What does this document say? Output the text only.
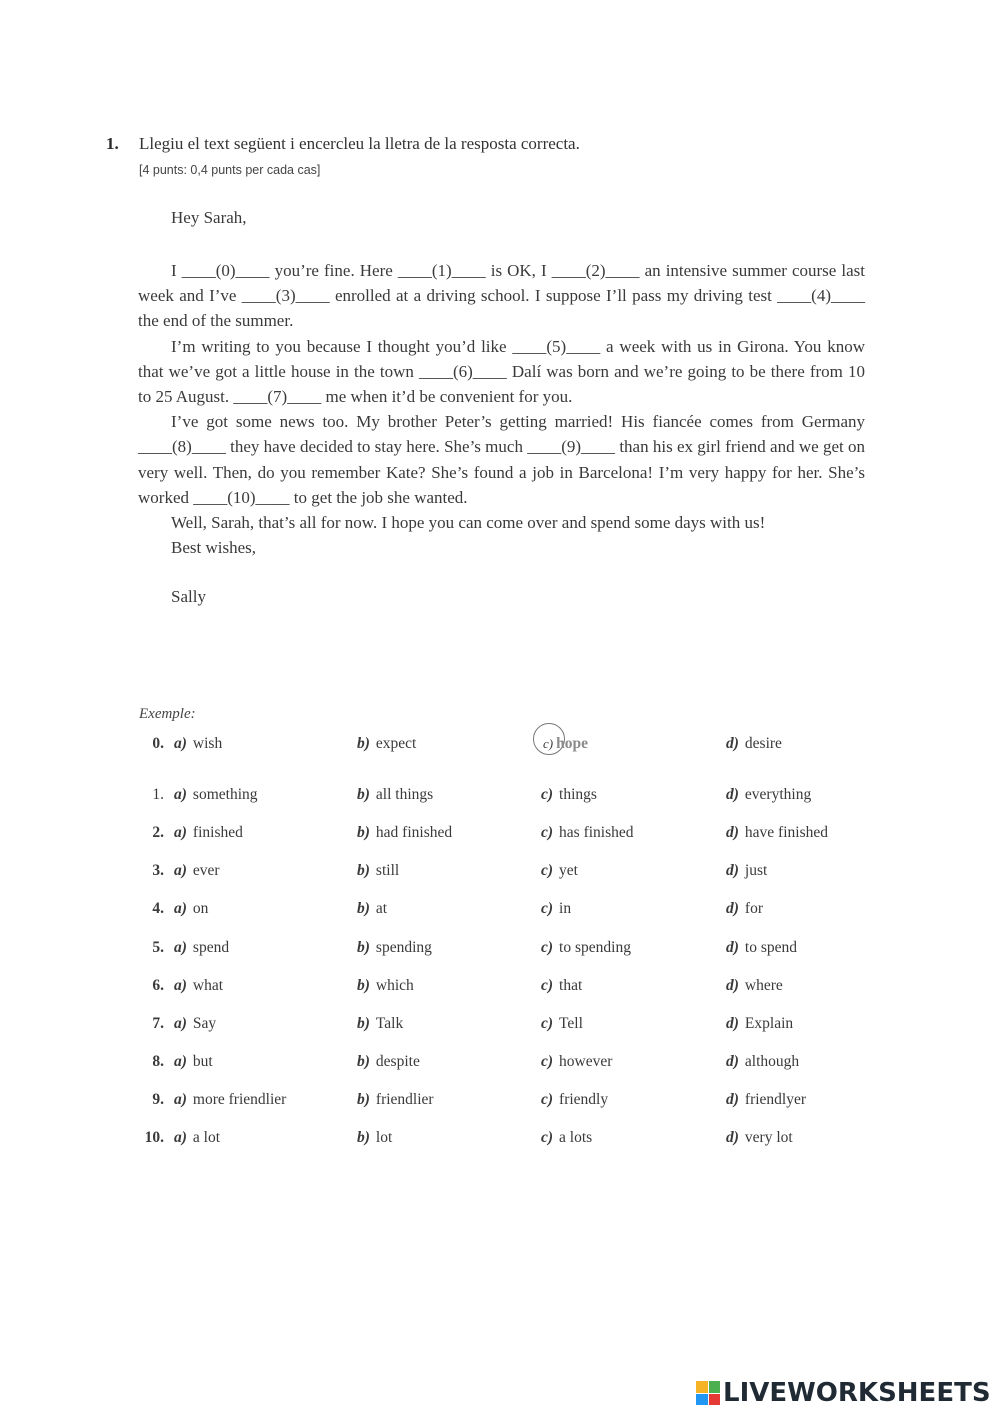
1. Llegiu el text següent i encercleu la lletra de la resposta correcta.
[4 punts: 0,4 punts per cada cas]
Hey Sarah,

I ____(0)____ you’re fine. Here ____(1)____ is OK, I ____(2)____ an intensive summer course last week and I’ve ____(3)____ enrolled at a driving school. I suppose I’ll pass my driving test ____(4)____ the end of the summer.

I’m writing to you because I thought you’d like ____(5)____ a week with us in Girona. You know that we’ve got a little house in the town ____(6)____ Dalí was born and we’re going to be there from 10 to 25 August. ____(7)____ me when it’d be convenient for you.

I’ve got some news too. My brother Peter’s getting married! His fiancée comes from Germany ____(8)____ they have decided to stay here. She’s much ____(9)____ than his ex girl friend and we get on very well. Then, do you remember Kate? She’s found a job in Barcelona! I’m very happy for her. She’s worked ____(10)____ to get the job she wanted.

Well, Sarah, that’s all for now. I hope you can come over and spend some days with us!

Best wishes,

Sally
Exemple:
0. a) wish	b) expect	c) hope	d) desire
1. a) something	b) all things	c) things	d) everything
2. a) finished	b) had finished	c) has finished	d) have finished
3. a) ever	b) still	c) yet	d) just
4. a) on	b) at	c) in	d) for
5. a) spend	b) spending	c) to spending	d) to spend
6. a) what	b) which	c) that	d) where
7. a) Say	b) Talk	c) Tell	d) Explain
8. a) but	b) despite	c) however	d) although
9. a) more friendlier	b) friendlier	c) friendly	d) friendlyer
10. a) a lot	b) lot	c) a lots	d) very lot
LIVEWORKSHEETS
